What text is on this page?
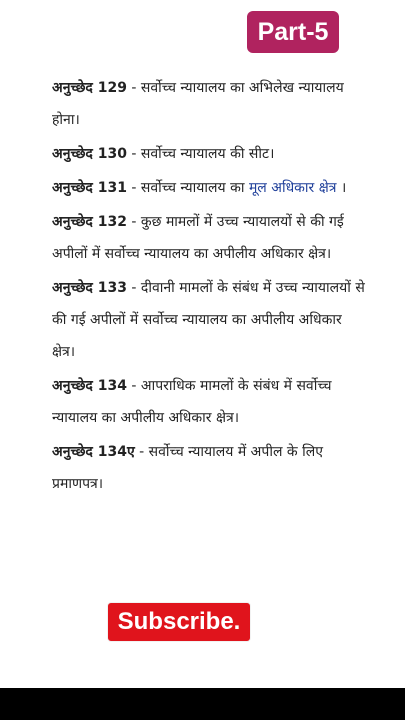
Part-5

अनुच्छेद 129 - सर्वोच्च न्यायालय का अभिलेख न्यायालय होना।

अनुच्छेद 130 - सर्वोच्च न्यायालय की सीट।

अनुच्छेद 131 - सर्वोच्च न्यायालय का मूल अधिकार क्षेत्र ।

अनुच्छेद 132 - कुछ मामलों में उच्च न्यायालयों से की गई अपीलों में सर्वोच्च न्यायालय का अपीलीय अधिकार क्षेत्र।

अनुच्छेद 133 - दीवानी मामलों के संबंध में उच्च न्यायालयों से की गई अपीलों में सर्वोच्च न्यायालय का अपीलीय अधिकार क्षेत्र।

अनुच्छेद 134 - आपराधिक मामलों के संबंध में सर्वोच्च न्यायालय का अपीलीय अधिकार क्षेत्र।

अनुच्छेद 134ए - सर्वोच्च न्यायालय में अपील के लिए प्रमाणपत्र।

Subscribe.
